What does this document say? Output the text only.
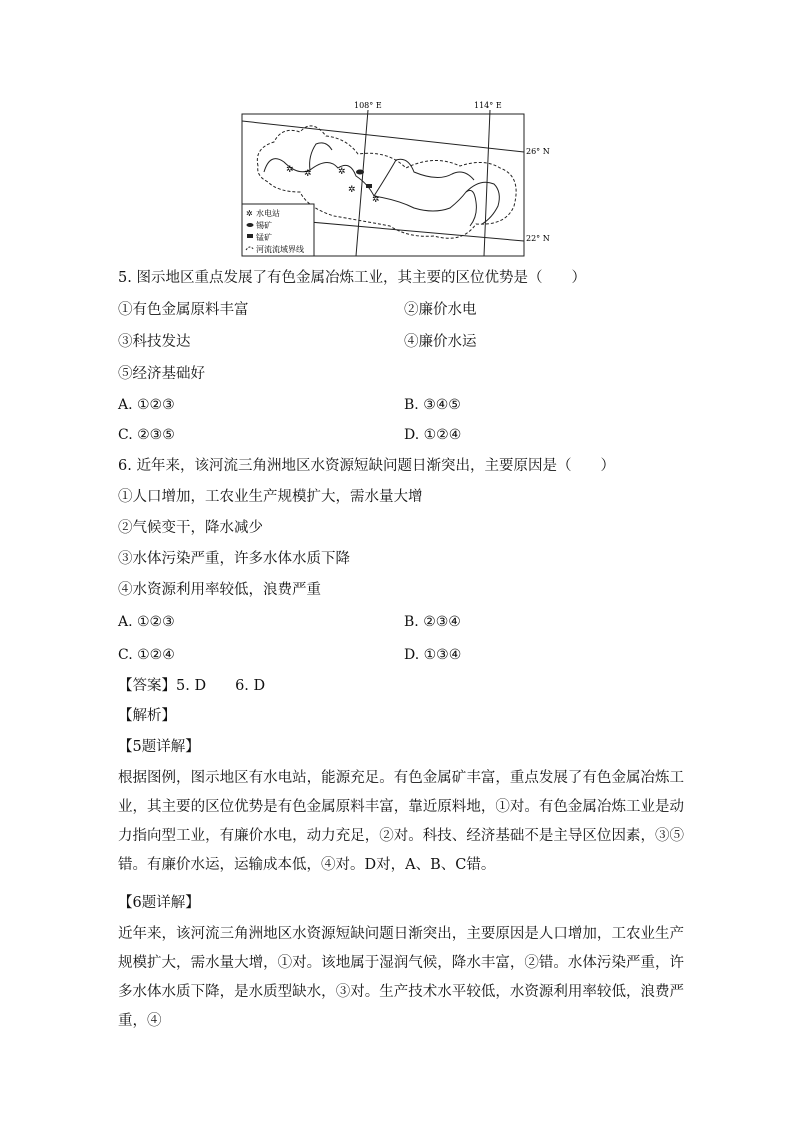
108° E	114° E
26° N
22° N
✲ ✲	✲
✲
✲
✲ 水电站
锡矿
锰矿
河流流域界线
5. 图示地区重点发展了有色金属冶炼工业，其主要的区位优势是（　　）
①有色金属原料丰富	②廉价水电
③科技发达	④廉价水运
⑤经济基础好
A. ①②③	B. ③④⑤
C. ②③⑤	D. ①②④
6. 近年来，该河流三角洲地区水资源短缺问题日渐突出，主要原因是（　　）
①人口增加，工农业生产规模扩大，需水量大增
②气候变干，降水减少
③水体污染严重，许多水体水质下降
④水资源利用率较低，浪费严重
A. ①②③	B. ②③④
C. ①②④	D. ①③④
【答案】5. D　　6. D
【解析】
【5题详解】
根据图例，图示地区有水电站，能源充足。有色金属矿丰富，重点发展了有色金属冶炼工业，其主要的区位优势是有色金属原料丰富，靠近原料地，①对。有色金属冶炼工业是动力指向型工业，有廉价水电，动力充足，②对。科技、经济基础不是主导区位因素，③⑤错。有廉价水运，运输成本低，④对。D对，A、B、C错。
【6题详解】
近年来，该河流三角洲地区水资源短缺问题日渐突出，主要原因是人口增加，工农业生产规模扩大，需水量大增，①对。该地属于湿润气候，降水丰富，②错。水体污染严重，许多水体水质下降，是水质型缺水，③对。生产技术水平较低，水资源利用率较低，浪费严重，④
